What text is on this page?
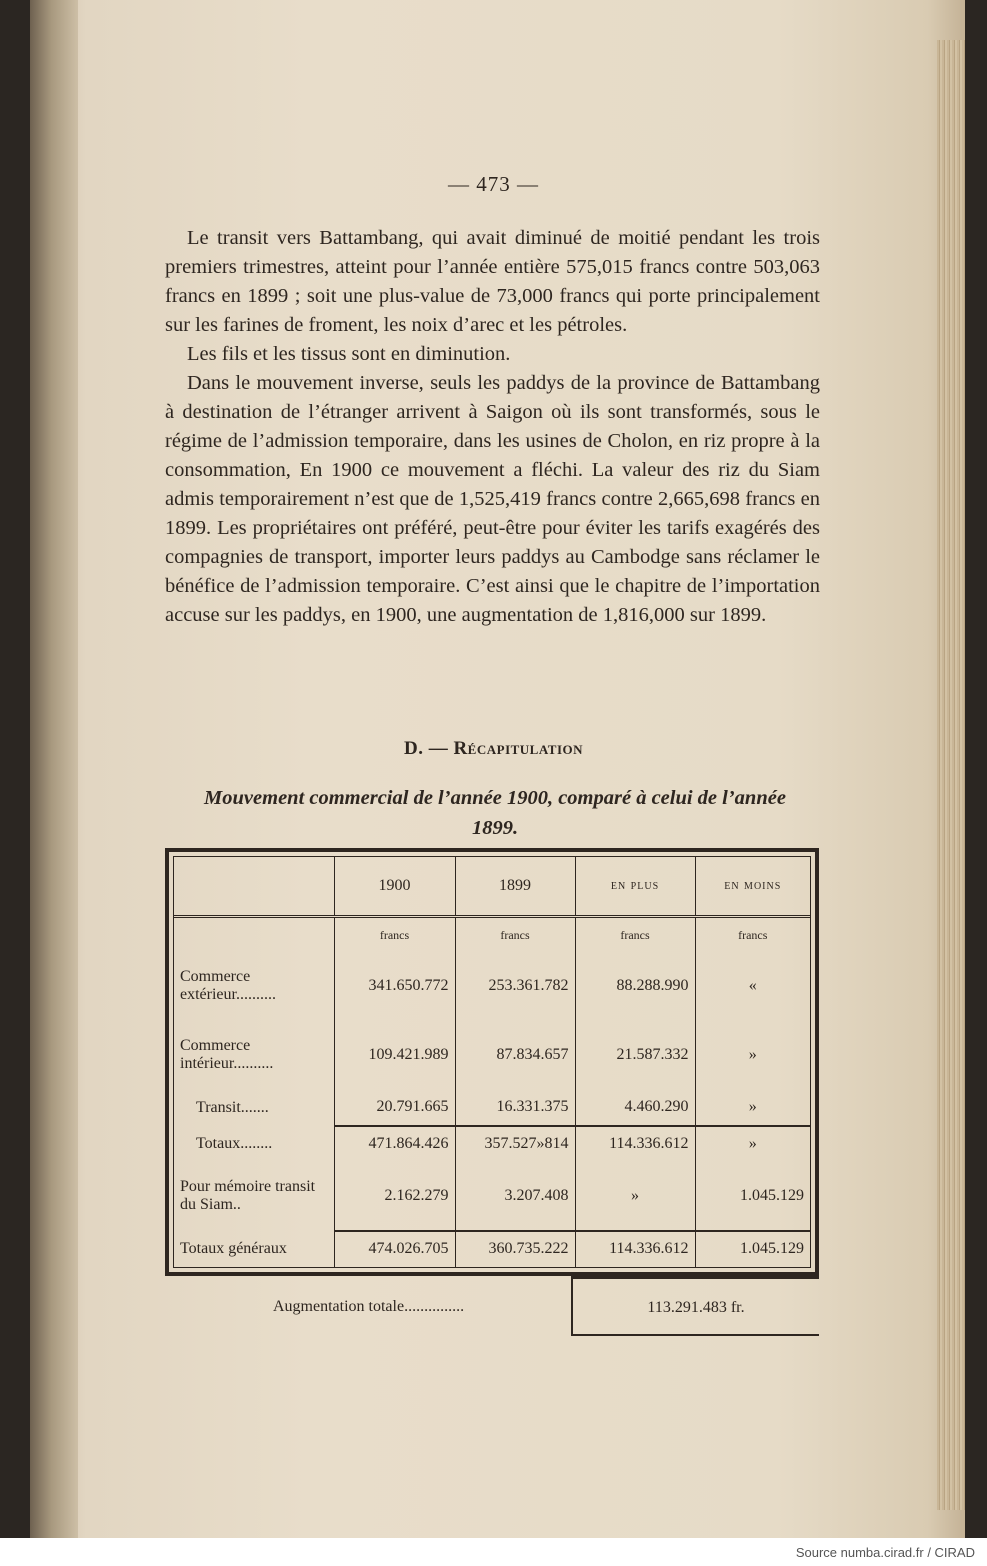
— 473 —

Le transit vers Battambang, qui avait diminué de moitié pendant les trois premiers trimestres, atteint pour l’année entière 575,015 francs contre 503,063 francs en 1899 ; soit une plus-value de 73,000 francs qui porte principalement sur les farines de froment, les noix d’arec et les pétroles.

Les fils et les tissus sont en diminution.

Dans le mouvement inverse, seuls les paddys de la province de Battambang à destination de l’étranger arrivent à Saigon où ils sont transformés, sous le régime de l’admission temporaire, dans les usines de Cholon, en riz propre à la consommation, En 1900 ce mouvement a fléchi. La valeur des riz du Siam admis temporairement n’est que de 1,525,419 francs contre 2,665,698 francs en 1899. Les propriétaires ont préféré, peut-être pour éviter les tarifs exagérés des compagnies de transport, importer leurs paddys au Cambodge sans réclamer le bénéfice de l’admission temporaire. C’est ainsi que le chapitre de l’importation accuse sur les paddys, en 1900, une augmentation de 1,816,000 sur 1899.

D. — Récapitulation
Mouvement commercial de l’année 1900, comparé à celui de l’année 1899.
	1900	1899	en plus	en moins
	francs	francs	francs	francs
Commerce extérieur..........	341.650.772	253.361.782	88.288.990	«
Commerce intérieur..........	109.421.989	87.834.657	21.587.332	»
Transit.......	20.791.665	16.331.375	4.460.290	»
Totaux........	471.864.426	357.527»814	114.336.612	»
Pour mémoire transit du Siam..	2.162.279	3.207.408	»	1.045.129
Totaux généraux	474.026.705	360.735.222	114.336.612	1.045.129
Augmentation totale...............	113.291.483 fr.
Source numba.cirad.fr / CIRAD
